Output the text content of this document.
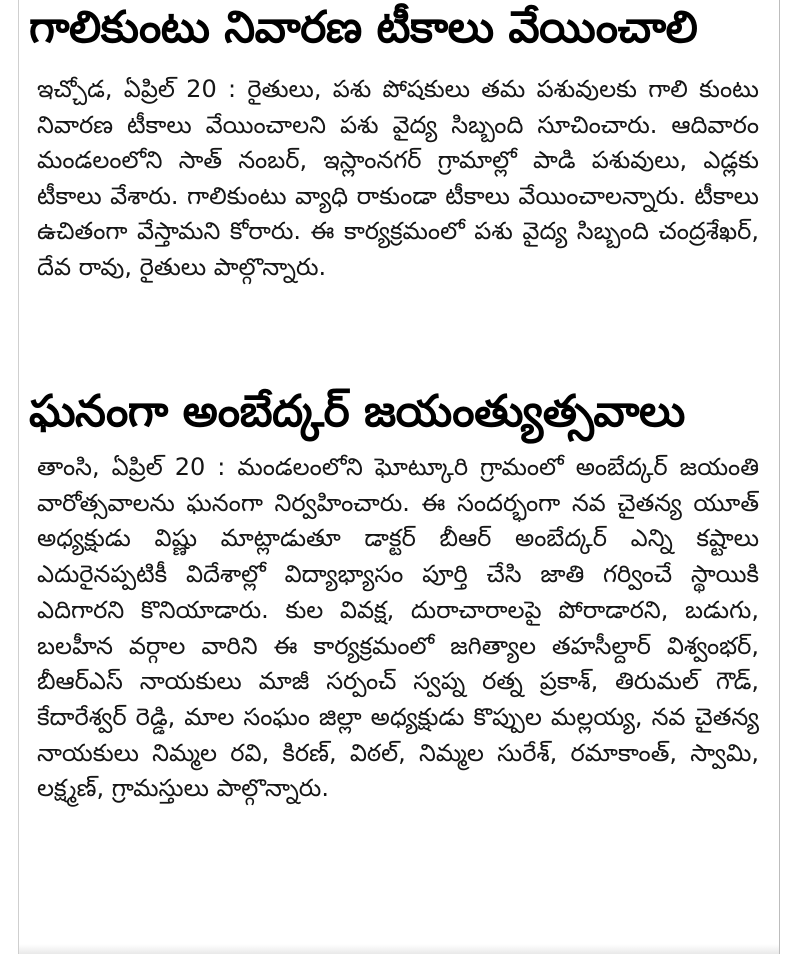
గాలికుంటు నివారణ టీకాలు వేయించాలి

ఇచ్చోడ, ఏప్రిల్ 20 : రైతులు, పశు పోషకులు తమ పశువులకు గాలి కుంటు నివారణ టీకాలు వేయించాలని పశు వైద్య సిబ్బంది సూచించారు. ఆదివారం మండలంలోని సాత్ నంబర్, ఇస్లాంనగర్ గ్రామాల్లో పాడి పశువులు, ఎడ్లకు టీకాలు వేశారు. గాలికుంటు వ్యాధి రాకుండా టీకాలు వేయించాలన్నారు. టీకాలు ఉచితంగా వేస్తామని కోరారు. ఈ కార్యక్రమంలో పశు వైద్య సిబ్బంది చంద్రశేఖర్, దేవ రావు, రైతులు పాల్గొన్నారు.

ఘనంగా అంబేద్కర్ జయంత్యుత్సవాలు

తాంసి, ఏప్రిల్ 20 : మండలంలోని ఘోట్కూరి గ్రామంలో అంబేద్కర్ జయంతి వారోత్సవాలను ఘనంగా నిర్వహించారు. ఈ సందర్భంగా నవ చైతన్య యూత్ అధ్యక్షుడు విష్ణు మాట్లాడుతూ డాక్టర్ బీఆర్ అంబేద్కర్ ఎన్ని కష్టాలు ఎదురైనప్పటికీ విదేశాల్లో విద్యాభ్యాసం పూర్తి చేసి జాతి గర్వించే స్థాయికి ఎదిగారని కొనియాడారు. కుల వివక్ష, దురాచారాలపై పోరాడారని, బడుగు, బలహీన వర్గాల వారిని ఈ కార్యక్రమంలో జగిత్యాల తహసీల్దార్ విశ్వంభర్, బీఆర్ఎస్ నాయకులు మాజీ సర్పంచ్ స్వప్న రత్న ప్రకాశ్, తిరుమల్ గౌడ్, కేదారేశ్వర్ రెడ్డి, మాల సంఘం జిల్లా అధ్యక్షుడు కొప్పుల మల్లయ్య, నవ చైతన్య నాయకులు నిమ్మల రవి, కిరణ్, విఠల్, నిమ్మల సురేశ్, రమాకాంత్, స్వామి, లక్ష్మణ్, గ్రామస్తులు పాల్గొన్నారు.
